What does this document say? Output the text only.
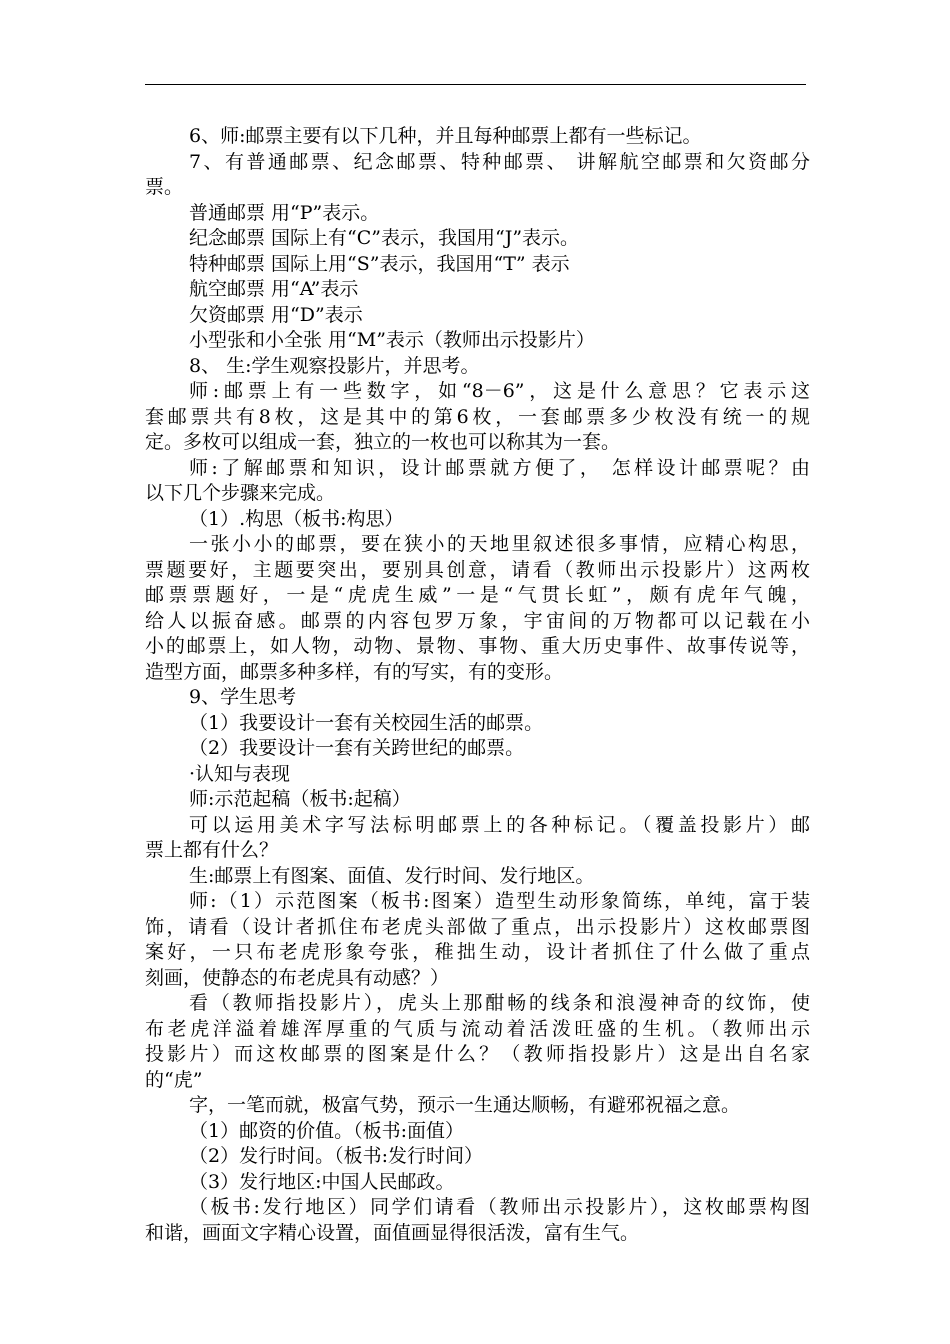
6、师:邮票主要有以下几种，并且每种邮票上都有一些标记。
7、有普通邮票、纪念邮票、特种邮票、 讲解航空邮票和欠资邮分
票。
普通邮票 用“P”表示。
纪念邮票 国际上有“C”表示，我国用“J”表示。
特种邮票 国际上用“S”表示，我国用“T” 表示
航空邮票 用“A”表示
欠资邮票 用“D”表示
小型张和小全张 用“M”表示（教师出示投影片）
8、 生:学生观察投影片，并思考。
师:邮票上有一些数字，如“8－6”，这是什么意思？它表示这
套邮票共有8枚，这是其中的第6枚，一套邮票多少枚没有统一的规
定。多枚可以组成一套，独立的一枚也可以称其为一套。
师:了解邮票和知识，设计邮票就方便了， 怎样设计邮票呢？由
以下几个步骤来完成。
（1）.构思（板书:构思）
一张小小的邮票，要在狭小的天地里叙述很多事情，应精心构思，
票题要好，主题要突出，要别具创意，请看（教师出示投影片）这两枚
邮票票题好，一是“虎虎生威”一是“气贯长虹”，颇有虎年气魄，
给人以振奋感。邮票的内容包罗万象，宇宙间的万物都可以记载在小
小的邮票上，如人物，动物、景物、事物、重大历史事件、故事传说等，
造型方面，邮票多种多样，有的写实，有的变形。
9、学生思考
（1）我要设计一套有关校园生活的邮票。
（2）我要设计一套有关跨世纪的邮票。
·认知与表现
师:示范起稿（板书:起稿）
可以运用美术字写法标明邮票上的各种标记。（覆盖投影片）邮
票上都有什么？
生:邮票上有图案、面值、发行时间、发行地区。
师:（1）示范图案（板书:图案）造型生动形象简练，单纯，富于装
饰，请看（设计者抓住布老虎头部做了重点，出示投影片）这枚邮票图
案好，一只布老虎形象夸张，稚拙生动，设计者抓住了什么做了重点
刻画，使静态的布老虎具有动感？）
看（教师指投影片），虎头上那酣畅的线条和浪漫神奇的纹饰，使
布老虎洋溢着雄浑厚重的气质与流动着活泼旺盛的生机。（教师出示
投影片）而这枚邮票的图案是什么？（教师指投影片）这是出自名家
的“虎”
字，一笔而就，极富气势，预示一生通达顺畅，有避邪祝福之意。
（1）邮资的价值。（板书:面值）
（2）发行时间。（板书:发行时间）
（3）发行地区:中国人民邮政。
（板书:发行地区）同学们请看（教师出示投影片），这枚邮票构图
和谐，画面文字精心设置，面值画显得很活泼，富有生气。
